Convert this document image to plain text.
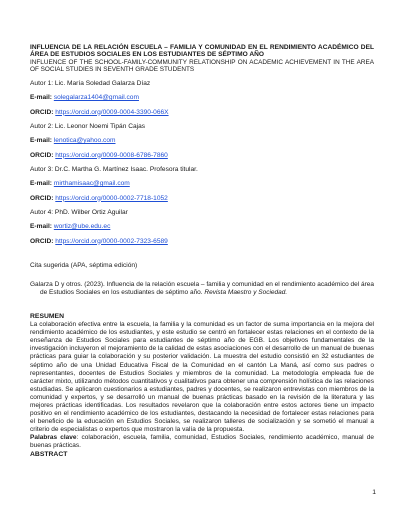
INFLUENCIA DE LA RELACIÓN ESCUELA – FAMILIA Y COMUNIDAD EN EL RENDIMIENTO ACADÉMICO DEL ÁREA DE ESTUDIOS SOCIALES EN LOS ESTUDIANTES DE SÉPTIMO AÑO
INFLUENCE OF THE SCHOOL-FAMILY-COMMUNITY RELATIONSHIP ON ACADEMIC ACHIEVEMENT IN THE AREA OF SOCIAL STUDIES IN SEVENTH GRADE STUDENTS
Autor 1: Lic. María Soledad Galarza Díaz
E-mail: solegalarza1404@gmail.com
ORCID: https://orcid.org/0009-0004-3390-066X
Autor 2: Lic. Leonor Noemi Tipán Cajas
E-mail: lenotica@yahoo.com
ORCID: https://orcid.org/0009-0008-6786-7860
Autor 3: Dr.C. Martha G. Martínez Isaac. Profesora titular.
E-mail: mirthamisaac@gmail.com
ORCID: https://orcid.org/0000-0002-7718-1052
Autor 4: PhD. Wilber Ortiz Aguilar
E-mail: wortiz@ube.edu.ec
ORCID: https://orcid.org/0000-0002-7323-6589
Cita sugerida (APA, séptima edición)
Galarza D y otros. (2023). Influencia de la relación escuela – familia y comunidad en el rendimiento académico del área de Estudios Sociales en los estudiantes de séptimo año. Revista Maestro y Sociedad.
RESUMEN
La colaboración efectiva entre la escuela, la familia y la comunidad es un factor de suma importancia en la mejora del rendimiento académico de los estudiantes, y este estudio se centró en fortalecer estas relaciones en el contexto de la enseñanza de Estudios Sociales para estudiantes de séptimo año de EGB. Los objetivos fundamentales de la investigación incluyeron el mejoramiento de la calidad de estas asociaciones con el desarrollo de un manual de buenas prácticas para guiar la colaboración y su posterior validación. La muestra del estudio consistió en 32 estudiantes de séptimo año de una Unidad Educativa Fiscal de la Comunidad en el cantón La Maná, así como sus padres o representantes, docentes de Estudios Sociales y miembros de la comunidad. La metodología empleada fue de carácter mixto, utilizando métodos cuantitativos y cualitativos para obtener una comprensión holística de las relaciones estudiadas. Se aplicaron cuestionarios a estudiantes, padres y docentes, se realizaron entrevistas con miembros de la comunidad y expertos, y se desarrolló un manual de buenas prácticas basado en la revisión de la literatura y las mejores prácticas identificadas. Los resultados revelaron que la colaboración entre estos actores tiene un impacto positivo en el rendimiento académico de los estudiantes, destacando la necesidad de fortalecer estas relaciones para el beneficio de la educación en Estudios Sociales, se realizaron talleres de socialización y se sometió el manual a criterio de especialistas o expertos que mostraron la valía de la propuesta.
Palabras clave: colaboración, escuela, familia, comunidad, Estudios Sociales, rendimiento académico, manual de buenas prácticas.
ABSTRACT
1
